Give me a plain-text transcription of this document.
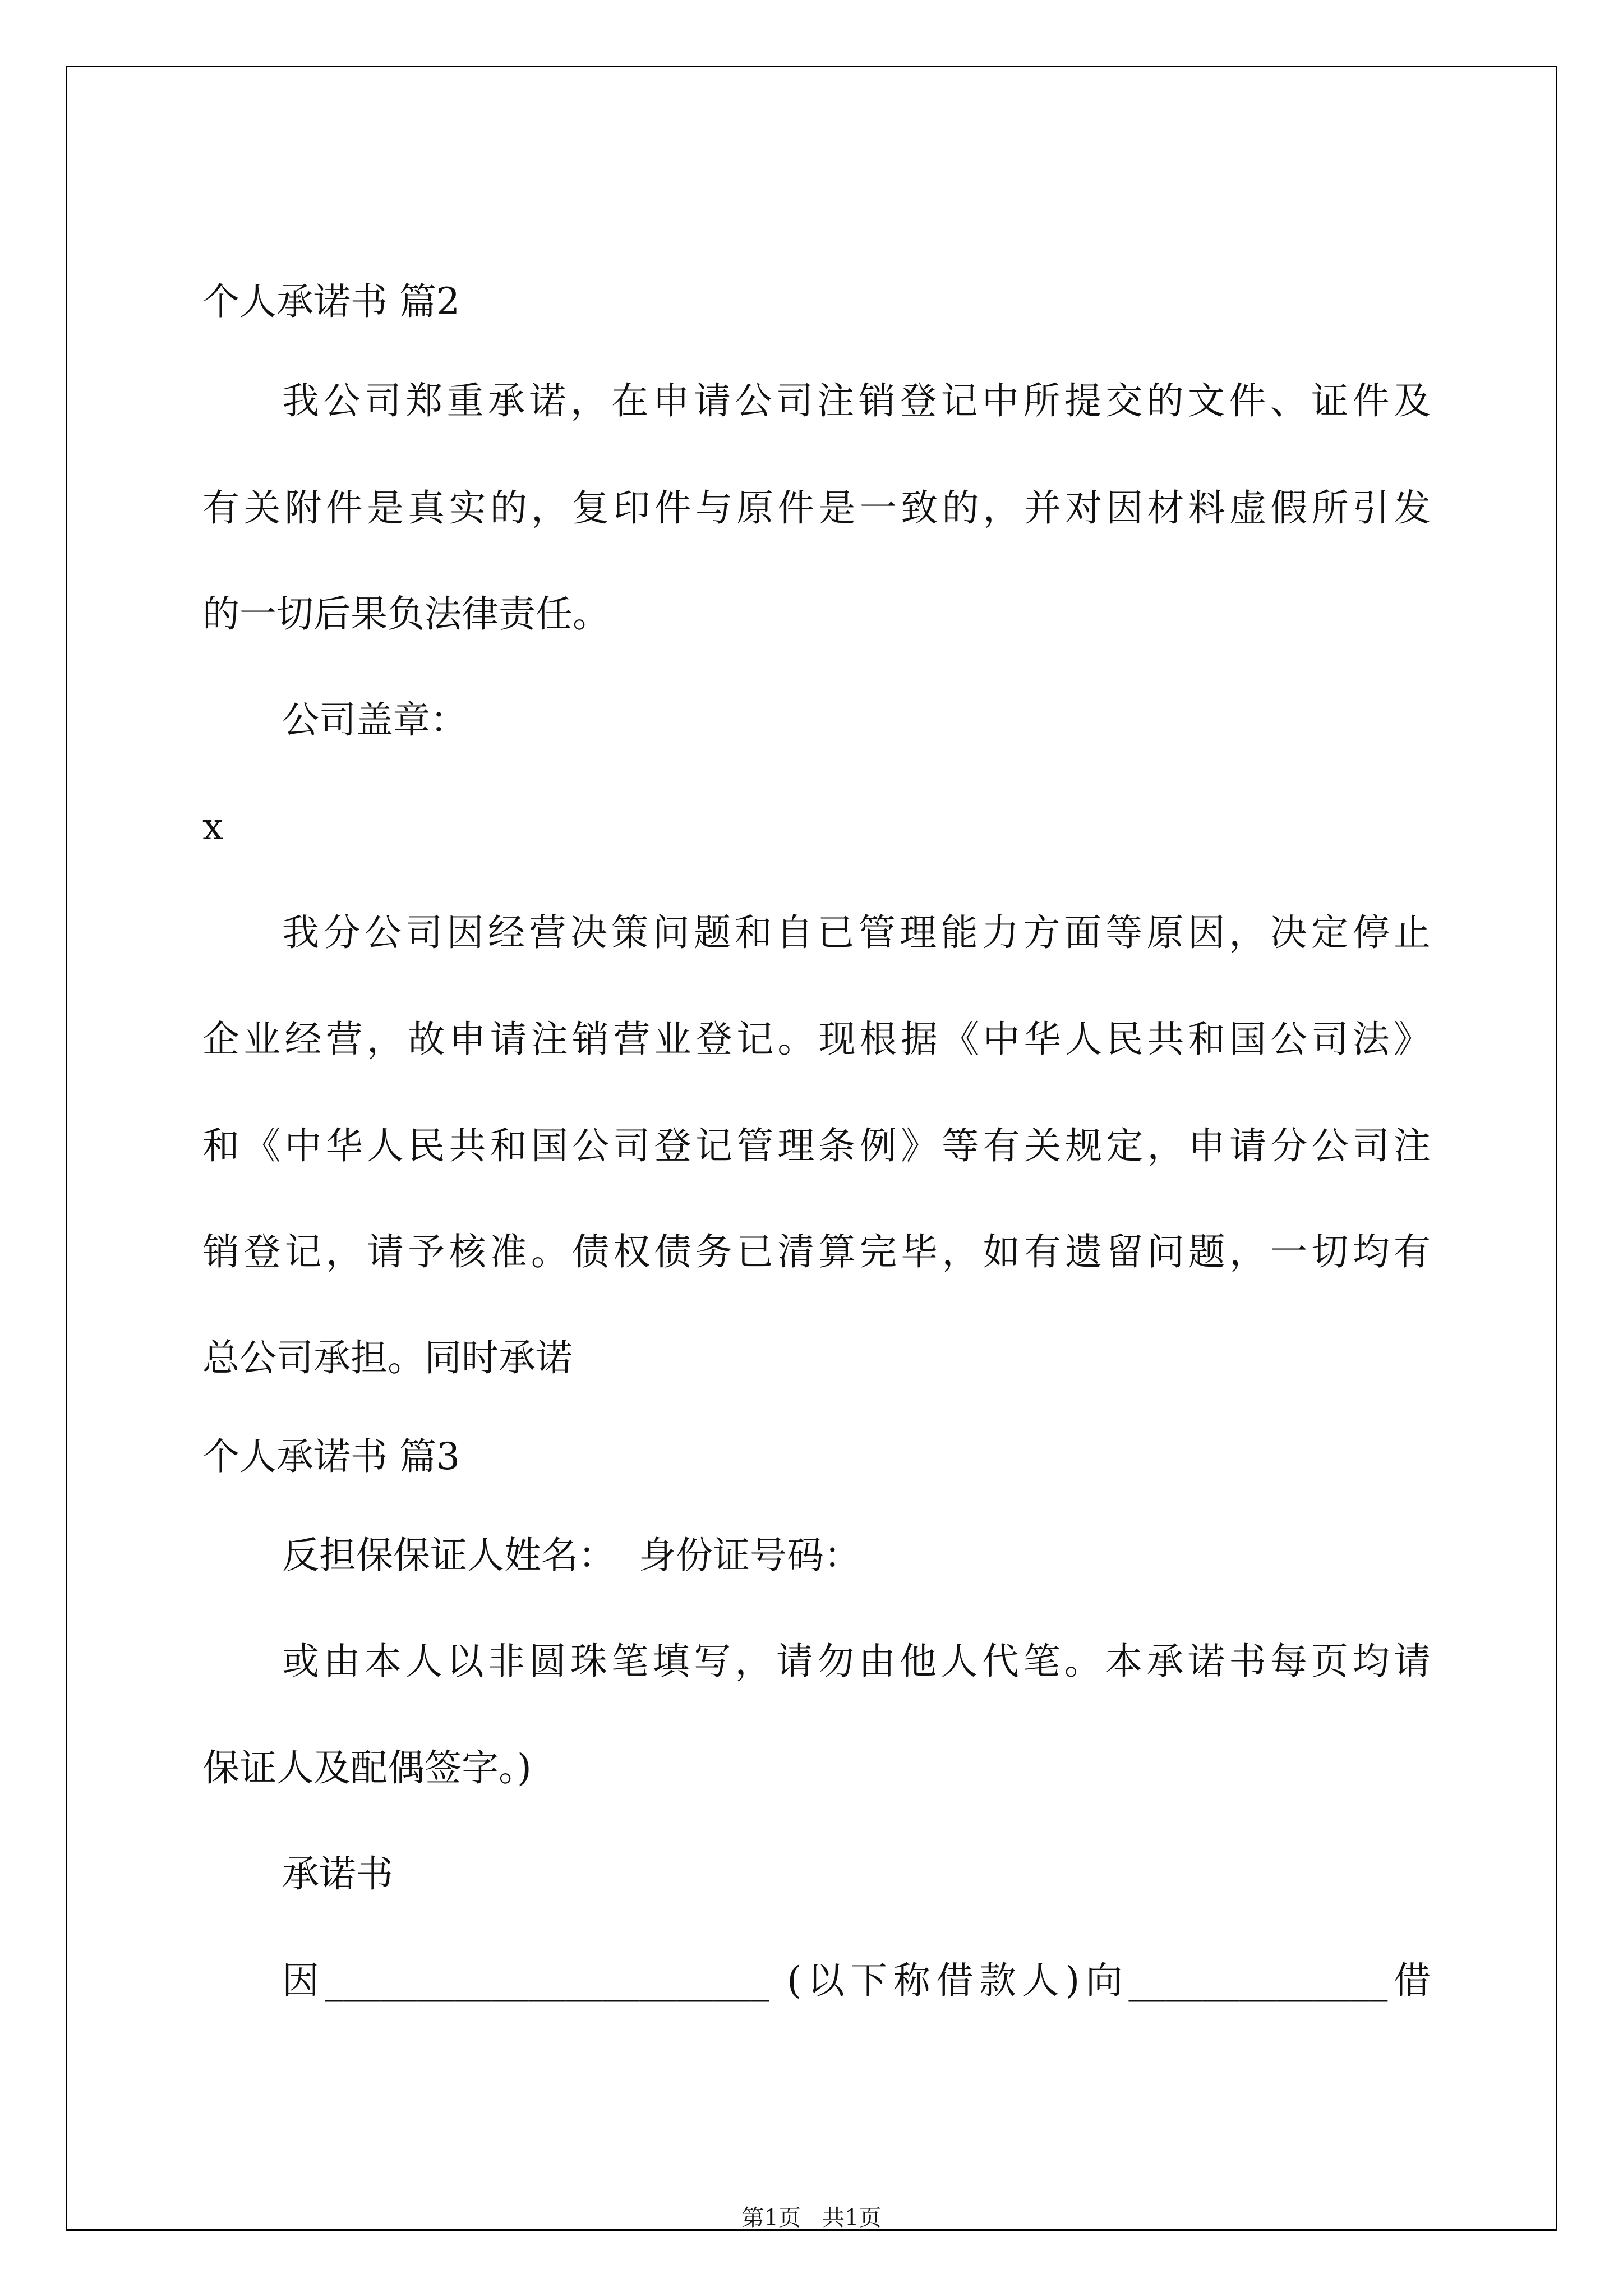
个人承诺书 篇2

我公司郑重承诺，在申请公司注销登记中所提交的文件、证件及

有关附件是真实的，复印件与原件是一致的，并对因材料虚假所引发

的一切后果负法律责任。

公司盖章：

x

我分公司因经营决策问题和自已管理能力方面等原因，决定停止

企业经营，故申请注销营业登记。现根据《中华人民共和国公司法》

和《中华人民共和国公司登记管理条例》等有关规定，申请分公司注

销登记，请予核准。债权债务已清算完毕，如有遗留问题，一切均有

总公司承担。同时承诺

个人承诺书 篇3

反担保保证人姓名：  身份证号码：

或由本人以非圆珠笔填写，请勿由他人代笔。本承诺书每页均请

保证人及配偶签字。)

承诺书

因________________________ (以下称借款人)向______________借

第1页   共1页
